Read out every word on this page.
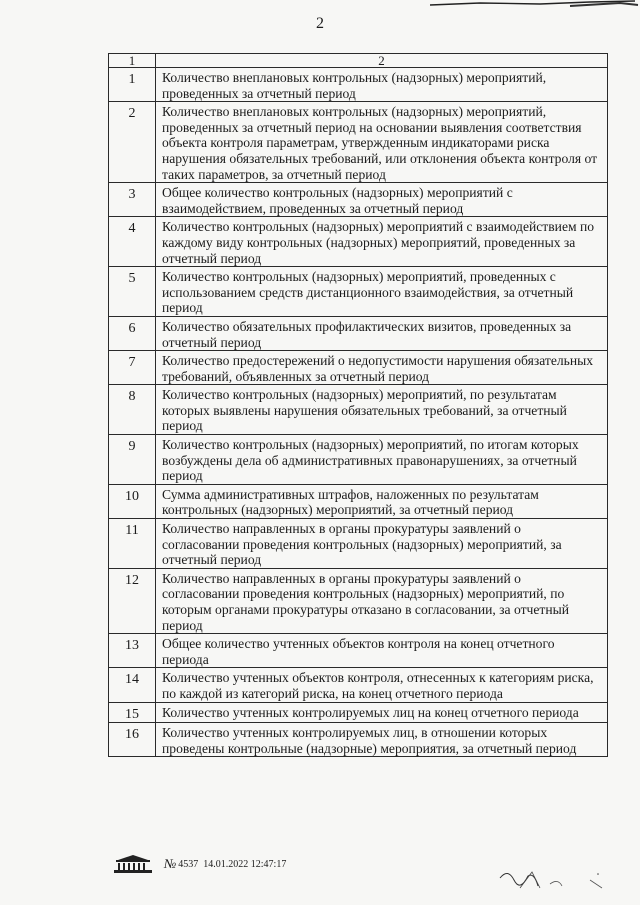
2
1	2
1	Количество внеплановых контрольных (надзорных) мероприятий, проведенных за отчетный период
2	Количество внеплановых контрольных (надзорных) мероприятий, проведенных за отчетный период на основании выявления соответствия объекта контроля параметрам, утвержденным индикаторами риска нарушения обязательных требований, или отклонения объекта контроля от таких параметров, за отчетный период
3	Общее количество контрольных (надзорных) мероприятий с взаимодействием, проведенных за отчетный период
4	Количество контрольных (надзорных) мероприятий с взаимодействием по каждому виду контрольных (надзорных) мероприятий, проведенных за отчетный период
5	Количество контрольных (надзорных) мероприятий, проведенных с использованием средств дистанционного взаимодействия, за отчетный период
6	Количество обязательных профилактических визитов, проведенных за отчетный период
7	Количество предостережений о недопустимости нарушения обязательных требований, объявленных за отчетный период
8	Количество контрольных (надзорных) мероприятий, по результатам которых выявлены нарушения обязательных требований, за отчетный период
9	Количество контрольных (надзорных) мероприятий, по итогам которых возбуждены дела об административных правонарушениях, за отчетный период
10	Сумма административных штрафов, наложенных по результатам контрольных (надзорных) мероприятий, за отчетный период
11	Количество направленных в органы прокуратуры заявлений о согласовании проведения контрольных (надзорных) мероприятий, за отчетный период
12	Количество направленных в органы прокуратуры заявлений о согласовании проведения контрольных (надзорных) мероприятий, по которым органами прокуратуры отказано в согласовании, за отчетный период
13	Общее количество учтенных объектов контроля на конец отчетного периода
14	Количество учтенных объектов контроля, отнесенных к категориям риска, по каждой из категорий риска, на конец отчетного периода
15	Количество учтенных контролируемых лиц на конец отчетного периода
16	Количество учтенных контролируемых лиц, в отношении которых проведены контрольные (надзорные) мероприятия, за отчетный период
№ 4537
14.01.2022 12:47:17
